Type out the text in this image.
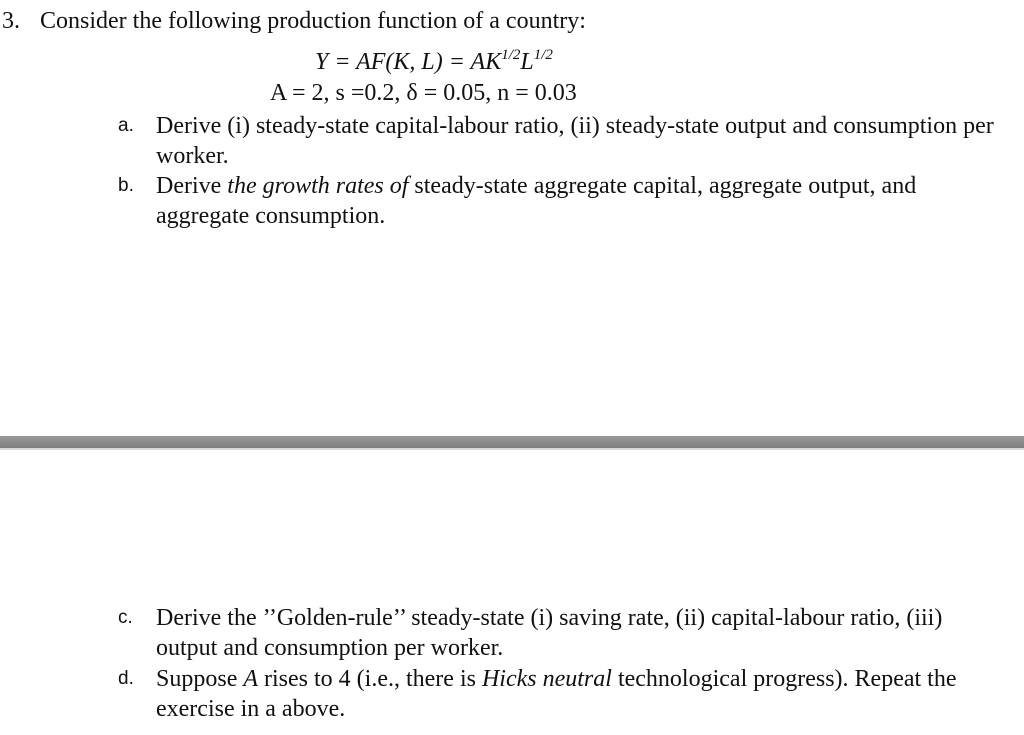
3. Consider the following production function of a country:
Y = AF(K, $L) = AK^{1/2}L^{1/2}$
A = 2, s =0.2, δ = 0.05, n = 0.03
a. Derive (i) steady-state capital-labour ratio, (ii) steady-state output and consumption per worker.
b. Derive the growth rates of steady-state aggregate capital, aggregate output, and aggregate consumption.
c. Derive the ’’Golden-rule’’ steady-state (i) saving rate, (ii) capital-labour ratio, (iii) output and consumption per worker.
d. Suppose A rises to 4 (i.e., there is Hicks neutral technological progress). Repeat the exercise in a above.
